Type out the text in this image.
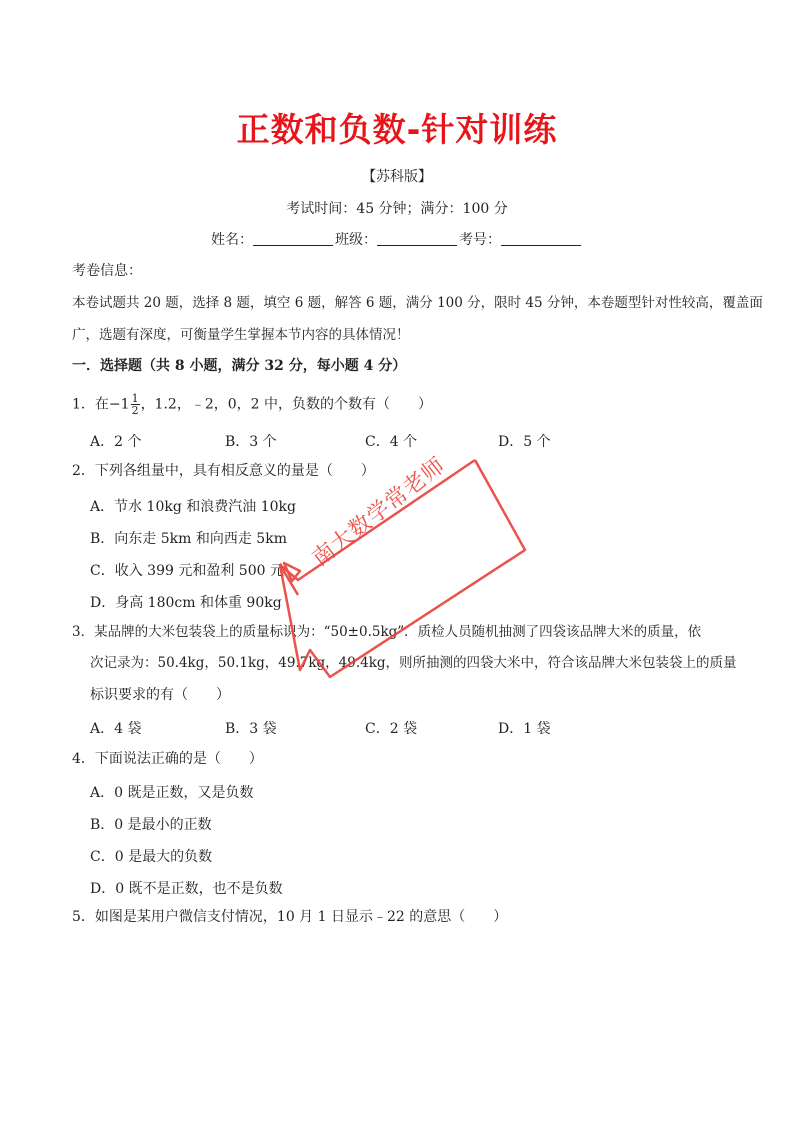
正数和负数-针对训练
【苏科版】
考试时间：45 分钟；满分：100 分
姓名：	班级：	考号：
考卷信息：
本卷试题共 20 题，选择 8 题，填空 6 题，解答 6 题，满分 100 分，限时 45 分钟，本卷题型针对性较高，覆盖面
广，选题有深度，可衡量学生掌握本节内容的具体情况！
一．选择题（共 8 小题，满分 32 分，每小题 4 分）
1．在$-1 \frac{1}{2}$ ，1.2，﹣2，0，2 中，负数的个数有（　　）
A．2 个	B．3 个	C．4 个	D．5 个
2．下列各组量中，具有相反意义的量是（　　）
A．节水 10kg 和浪费汽油 10kg
B．向东走 5km 和向西走 5km
C．收入 399 元和盈利 500 元
D．身高 180cm 和体重 90kg
3．某品牌的大米包装袋上的质量标识为：“50±0.5kg”．质检人员随机抽测了四袋该品牌大米的质量，依
次记录为：50.4kg，50.1kg，49.7kg，49.4kg，则所抽测的四袋大米中，符合该品牌大米包装袋上的质量
标识要求的有（　　）
A．4 袋	B．3 袋	C．2 袋	D．1 袋
4．下面说法正确的是（　　）
A．0 既是正数，又是负数
B．0 是最小的正数
C．0 是最大的负数
D．0 既不是正数，也不是负数
5．如图是某用户微信支付情况，10 月 1 日显示﹣22 的意思（　　）
南大数学常老师
